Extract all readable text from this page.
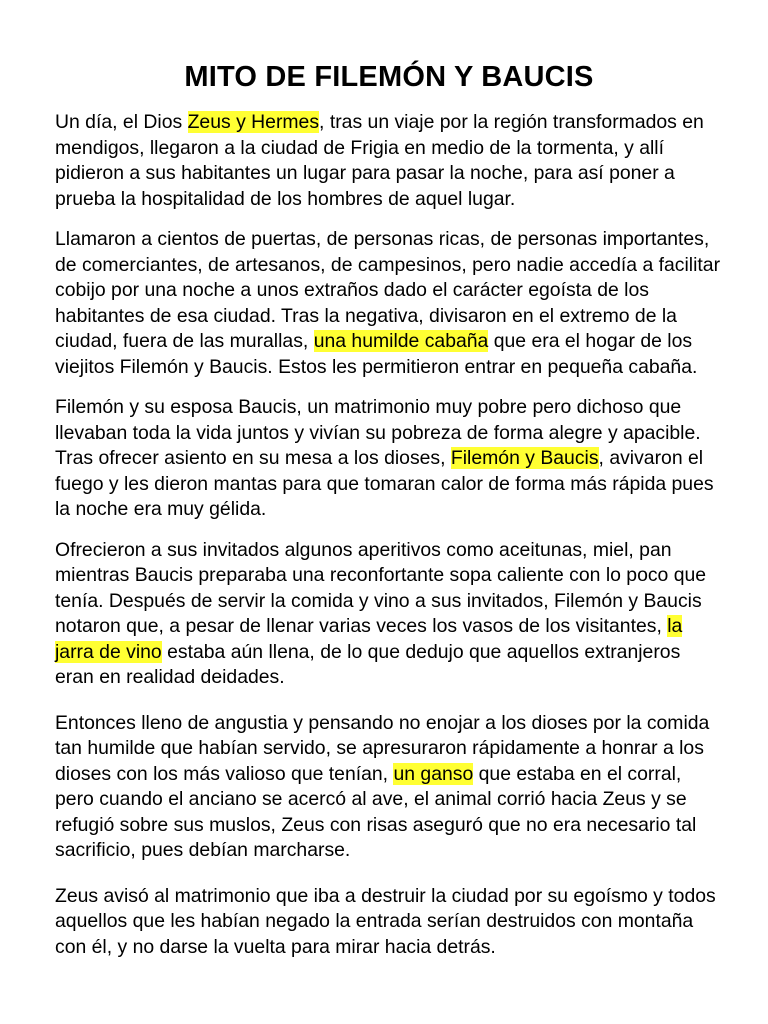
MITO DE FILEMÓN Y BAUCIS

Un día, el Dios Zeus y Hermes, tras un viaje por la región transformados en mendigos, llegaron a la ciudad de Frigia en medio de la tormenta, y allí pidieron a sus habitantes un lugar para pasar la noche, para así poner a prueba la hospitalidad de los hombres de aquel lugar.

Llamaron a cientos de puertas, de personas ricas, de personas importantes, de comerciantes, de artesanos, de campesinos, pero nadie accedía a facilitar cobijo por una noche a unos extraños dado el carácter egoísta de los habitantes de esa ciudad. Tras la negativa, divisaron en el extremo de la ciudad, fuera de las murallas, una humilde cabaña que era el hogar de los viejitos Filemón y Baucis. Estos les permitieron entrar en pequeña cabaña.

Filemón y su esposa Baucis, un matrimonio muy pobre pero dichoso que llevaban toda la vida juntos y vivían su pobreza de forma alegre y apacible. Tras ofrecer asiento en su mesa a los dioses, Filemón y Baucis, avivaron el fuego y les dieron mantas para que tomaran calor de forma más rápida pues la noche era muy gélida.

Ofrecieron a sus invitados algunos aperitivos como aceitunas, miel, pan mientras Baucis preparaba una reconfortante sopa caliente con lo poco que tenía. Después de servir la comida y vino a sus invitados, Filemón y Baucis notaron que, a pesar de llenar varias veces los vasos de los visitantes, la jarra de vino estaba aún llena, de lo que dedujo que aquellos extranjeros eran en realidad deidades.

Entonces lleno de angustia y pensando no enojar a los dioses por la comida tan humilde que habían servido, se apresuraron rápidamente a honrar a los dioses con los más valioso que tenían, un ganso que estaba en el corral, pero cuando el anciano se acercó al ave, el animal corrió hacia Zeus y se refugió sobre sus muslos, Zeus con risas aseguró que no era necesario tal sacrificio, pues debían marcharse.

Zeus avisó al matrimonio que iba a destruir la ciudad por su egoísmo y todos aquellos que les habían negado la entrada serían destruidos con montaña con él, y no darse la vuelta para mirar hacia detrás.
